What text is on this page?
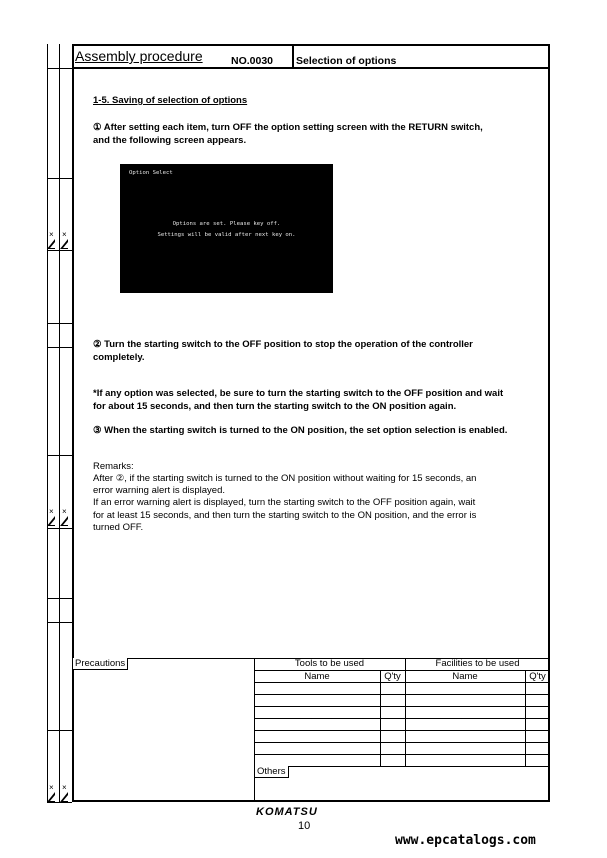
× ×
× ×
× ×
Assembly procedure	NO.0030 Selection of options
1-5. Saving of selection of options
① After setting each item, turn OFF the option setting screen with the RETURN switch,
and the following screen appears.
Option Select
Options are set. Please key off.
Settings will be valid after next key on.
② Turn the starting switch to the OFF position to stop the operation of the controller
completely.
*If any option was selected, be sure to turn the starting switch to the OFF position and wait
for about 15 seconds, and then turn the starting switch to the ON position again.
③ When the starting switch is turned to the ON position, the set option selection is enabled.
Remarks:
After ②, if the starting switch is turned to the ON position without waiting for 15 seconds, an
error warning alert is displayed.
If an error warning alert is displayed, turn the starting switch to the OFF position again, wait
for at least 15 seconds, and then turn the starting switch to the ON position, and the error is
turned OFF.
Precautions	Tools to be used	Facilities to be used
Name	Q'ty	Name	Q'ty
Others
KOMATSU
10
www.epcatalogs.com
